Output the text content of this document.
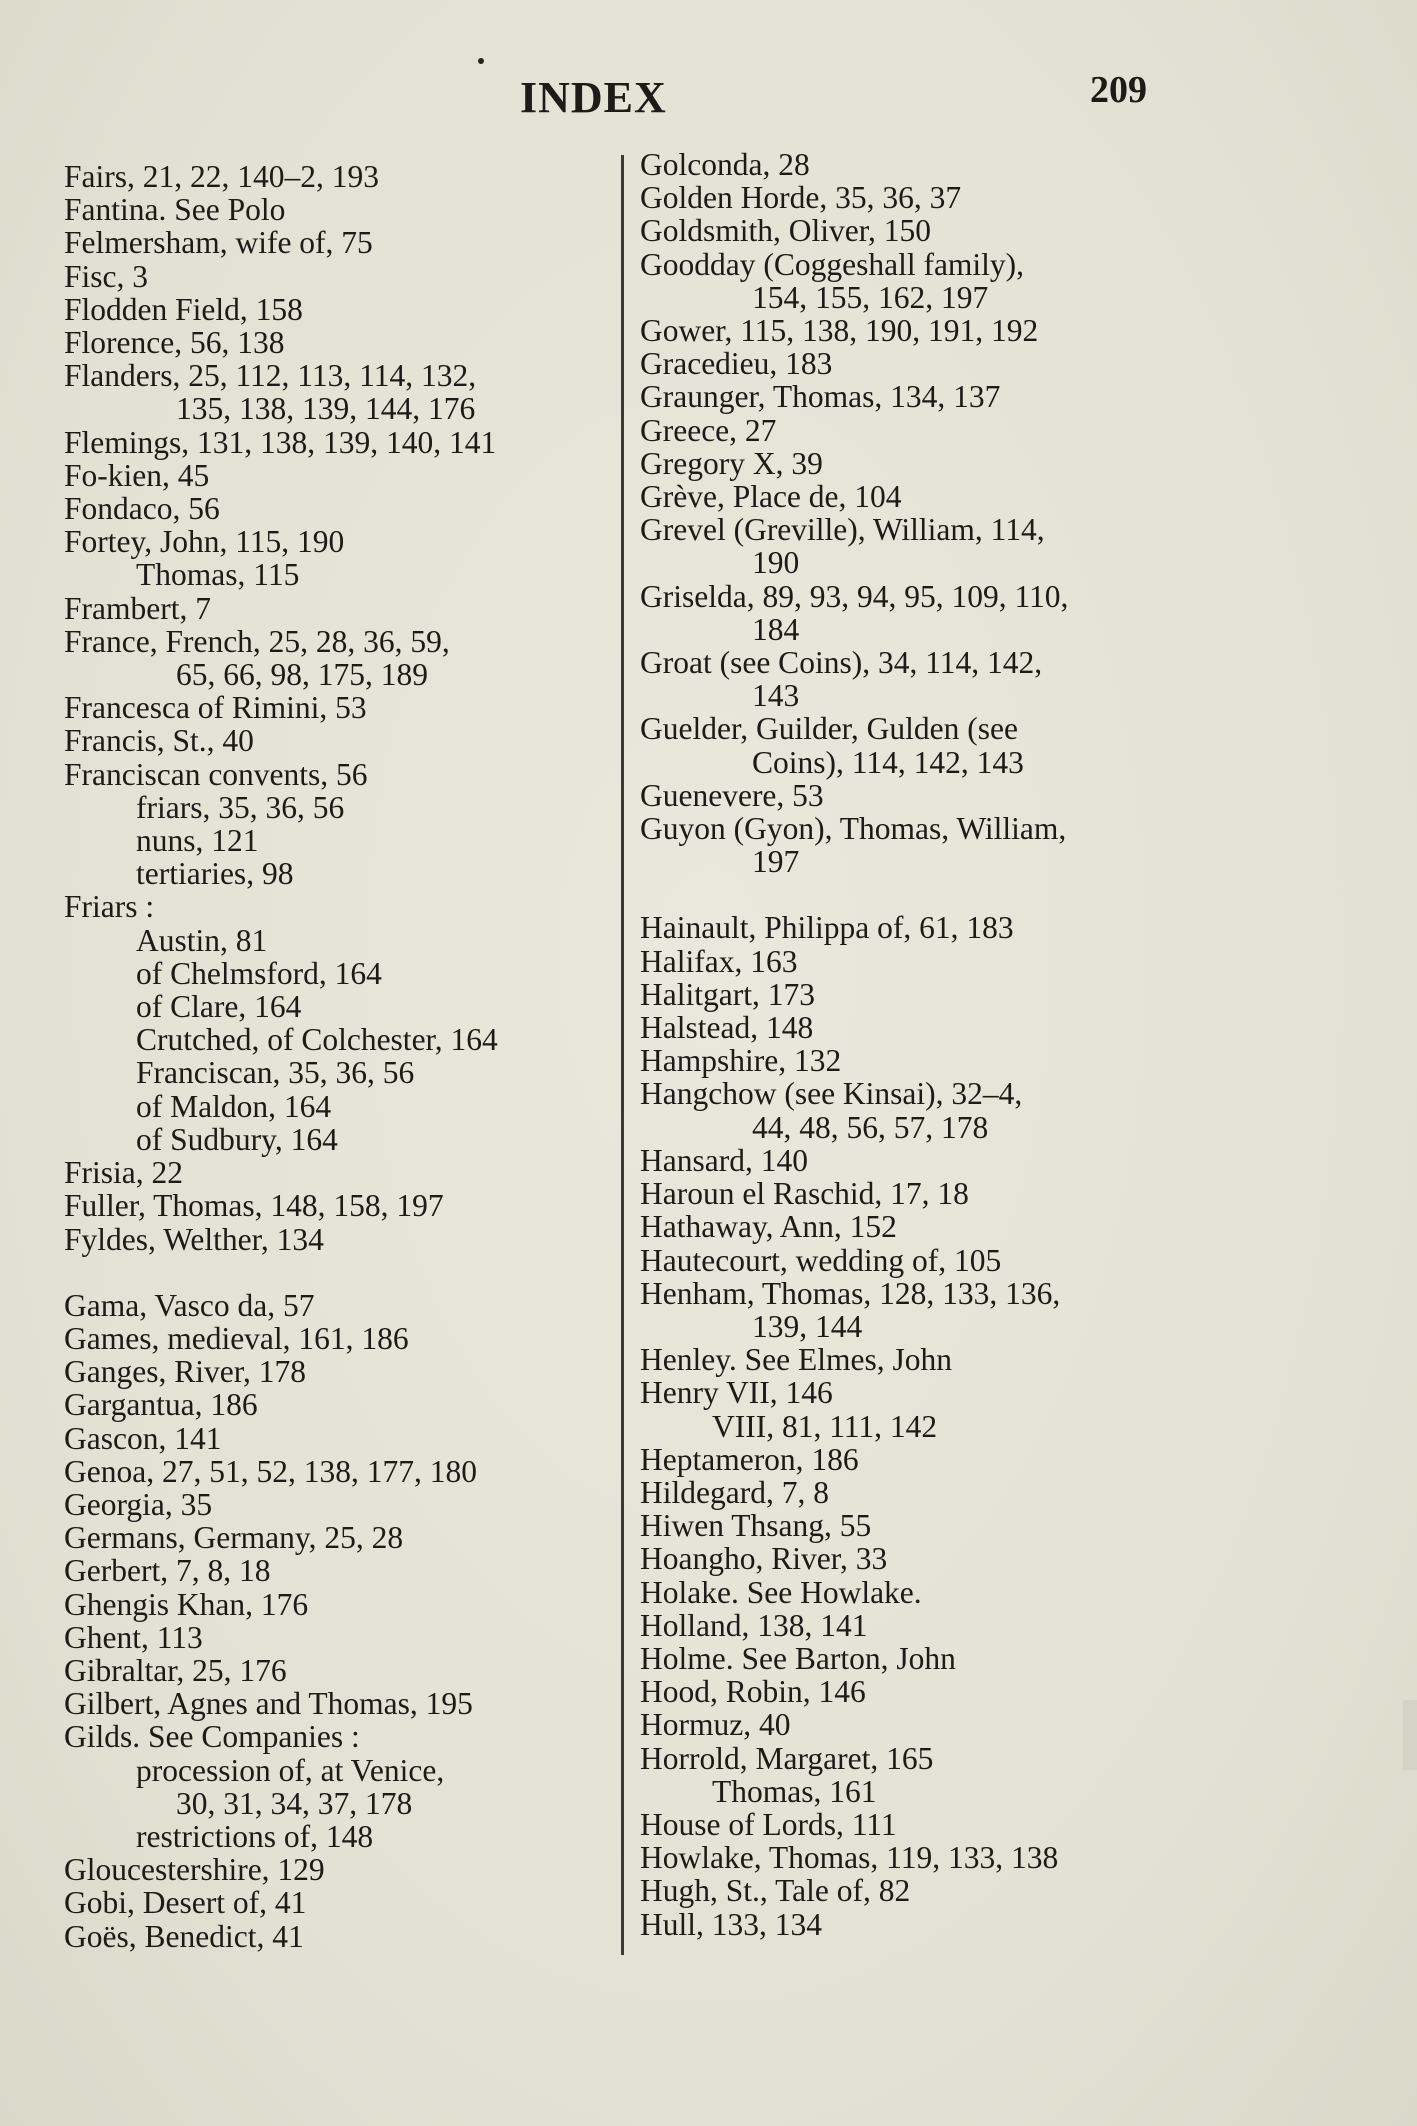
INDEX	209
Fairs, 21, 22, 140–2, 193
Fantina. See Polo
Felmersham, wife of, 75
Fisc, 3
Flodden Field, 158
Florence, 56, 138
Flanders, 25, 112, 113, 114, 132,
135, 138, 139, 144, 176
Flemings, 131, 138, 139, 140, 141
Fo-kien, 45
Fondaco, 56
Fortey, John, 115, 190
Thomas, 115
Frambert, 7
France, French, 25, 28, 36, 59,
65, 66, 98, 175, 189
Francesca of Rimini, 53
Francis, St., 40
Franciscan convents, 56
friars, 35, 36, 56
nuns, 121
tertiaries, 98
Friars :
Austin, 81
of Chelmsford, 164
of Clare, 164
Crutched, of Colchester, 164
Franciscan, 35, 36, 56
of Maldon, 164
of Sudbury, 164
Frisia, 22
Fuller, Thomas, 148, 158, 197
Fyldes, Welther, 134
Gama, Vasco da, 57
Games, medieval, 161, 186
Ganges, River, 178
Gargantua, 186
Gascon, 141
Genoa, 27, 51, 52, 138, 177, 180
Georgia, 35
Germans, Germany, 25, 28
Gerbert, 7, 8, 18
Ghengis Khan, 176
Ghent, 113
Gibraltar, 25, 176
Gilbert, Agnes and Thomas, 195
Gilds. See Companies :
procession of, at Venice,
30, 31, 34, 37, 178
restrictions of, 148
Gloucestershire, 129
Gobi, Desert of, 41
Goës, Benedict, 41
Golconda, 28
Golden Horde, 35, 36, 37
Goldsmith, Oliver, 150
Goodday (Coggeshall family),
154, 155, 162, 197
Gower, 115, 138, 190, 191, 192
Gracedieu, 183
Graunger, Thomas, 134, 137
Greece, 27
Gregory X, 39
Grève, Place de, 104
Grevel (Greville), William, 114,
190
Griselda, 89, 93, 94, 95, 109, 110,
184
Groat (see Coins), 34, 114, 142,
143
Guelder, Guilder, Gulden (see
Coins), 114, 142, 143
Guenevere, 53
Guyon (Gyon), Thomas, William,
197
Hainault, Philippa of, 61, 183
Halifax, 163
Halitgart, 173
Halstead, 148
Hampshire, 132
Hangchow (see Kinsai), 32–4,
44, 48, 56, 57, 178
Hansard, 140
Haroun el Raschid, 17, 18
Hathaway, Ann, 152
Hautecourt, wedding of, 105
Henham, Thomas, 128, 133, 136,
139, 144
Henley. See Elmes, John
Henry VII, 146
VIII, 81, 111, 142
Heptameron, 186
Hildegard, 7, 8
Hiwen Thsang, 55
Hoangho, River, 33
Holake. See Howlake.
Holland, 138, 141
Holme. See Barton, John
Hood, Robin, 146
Hormuz, 40
Horrold, Margaret, 165
Thomas, 161
House of Lords, 111
Howlake, Thomas, 119, 133, 138
Hugh, St., Tale of, 82
Hull, 133, 134
